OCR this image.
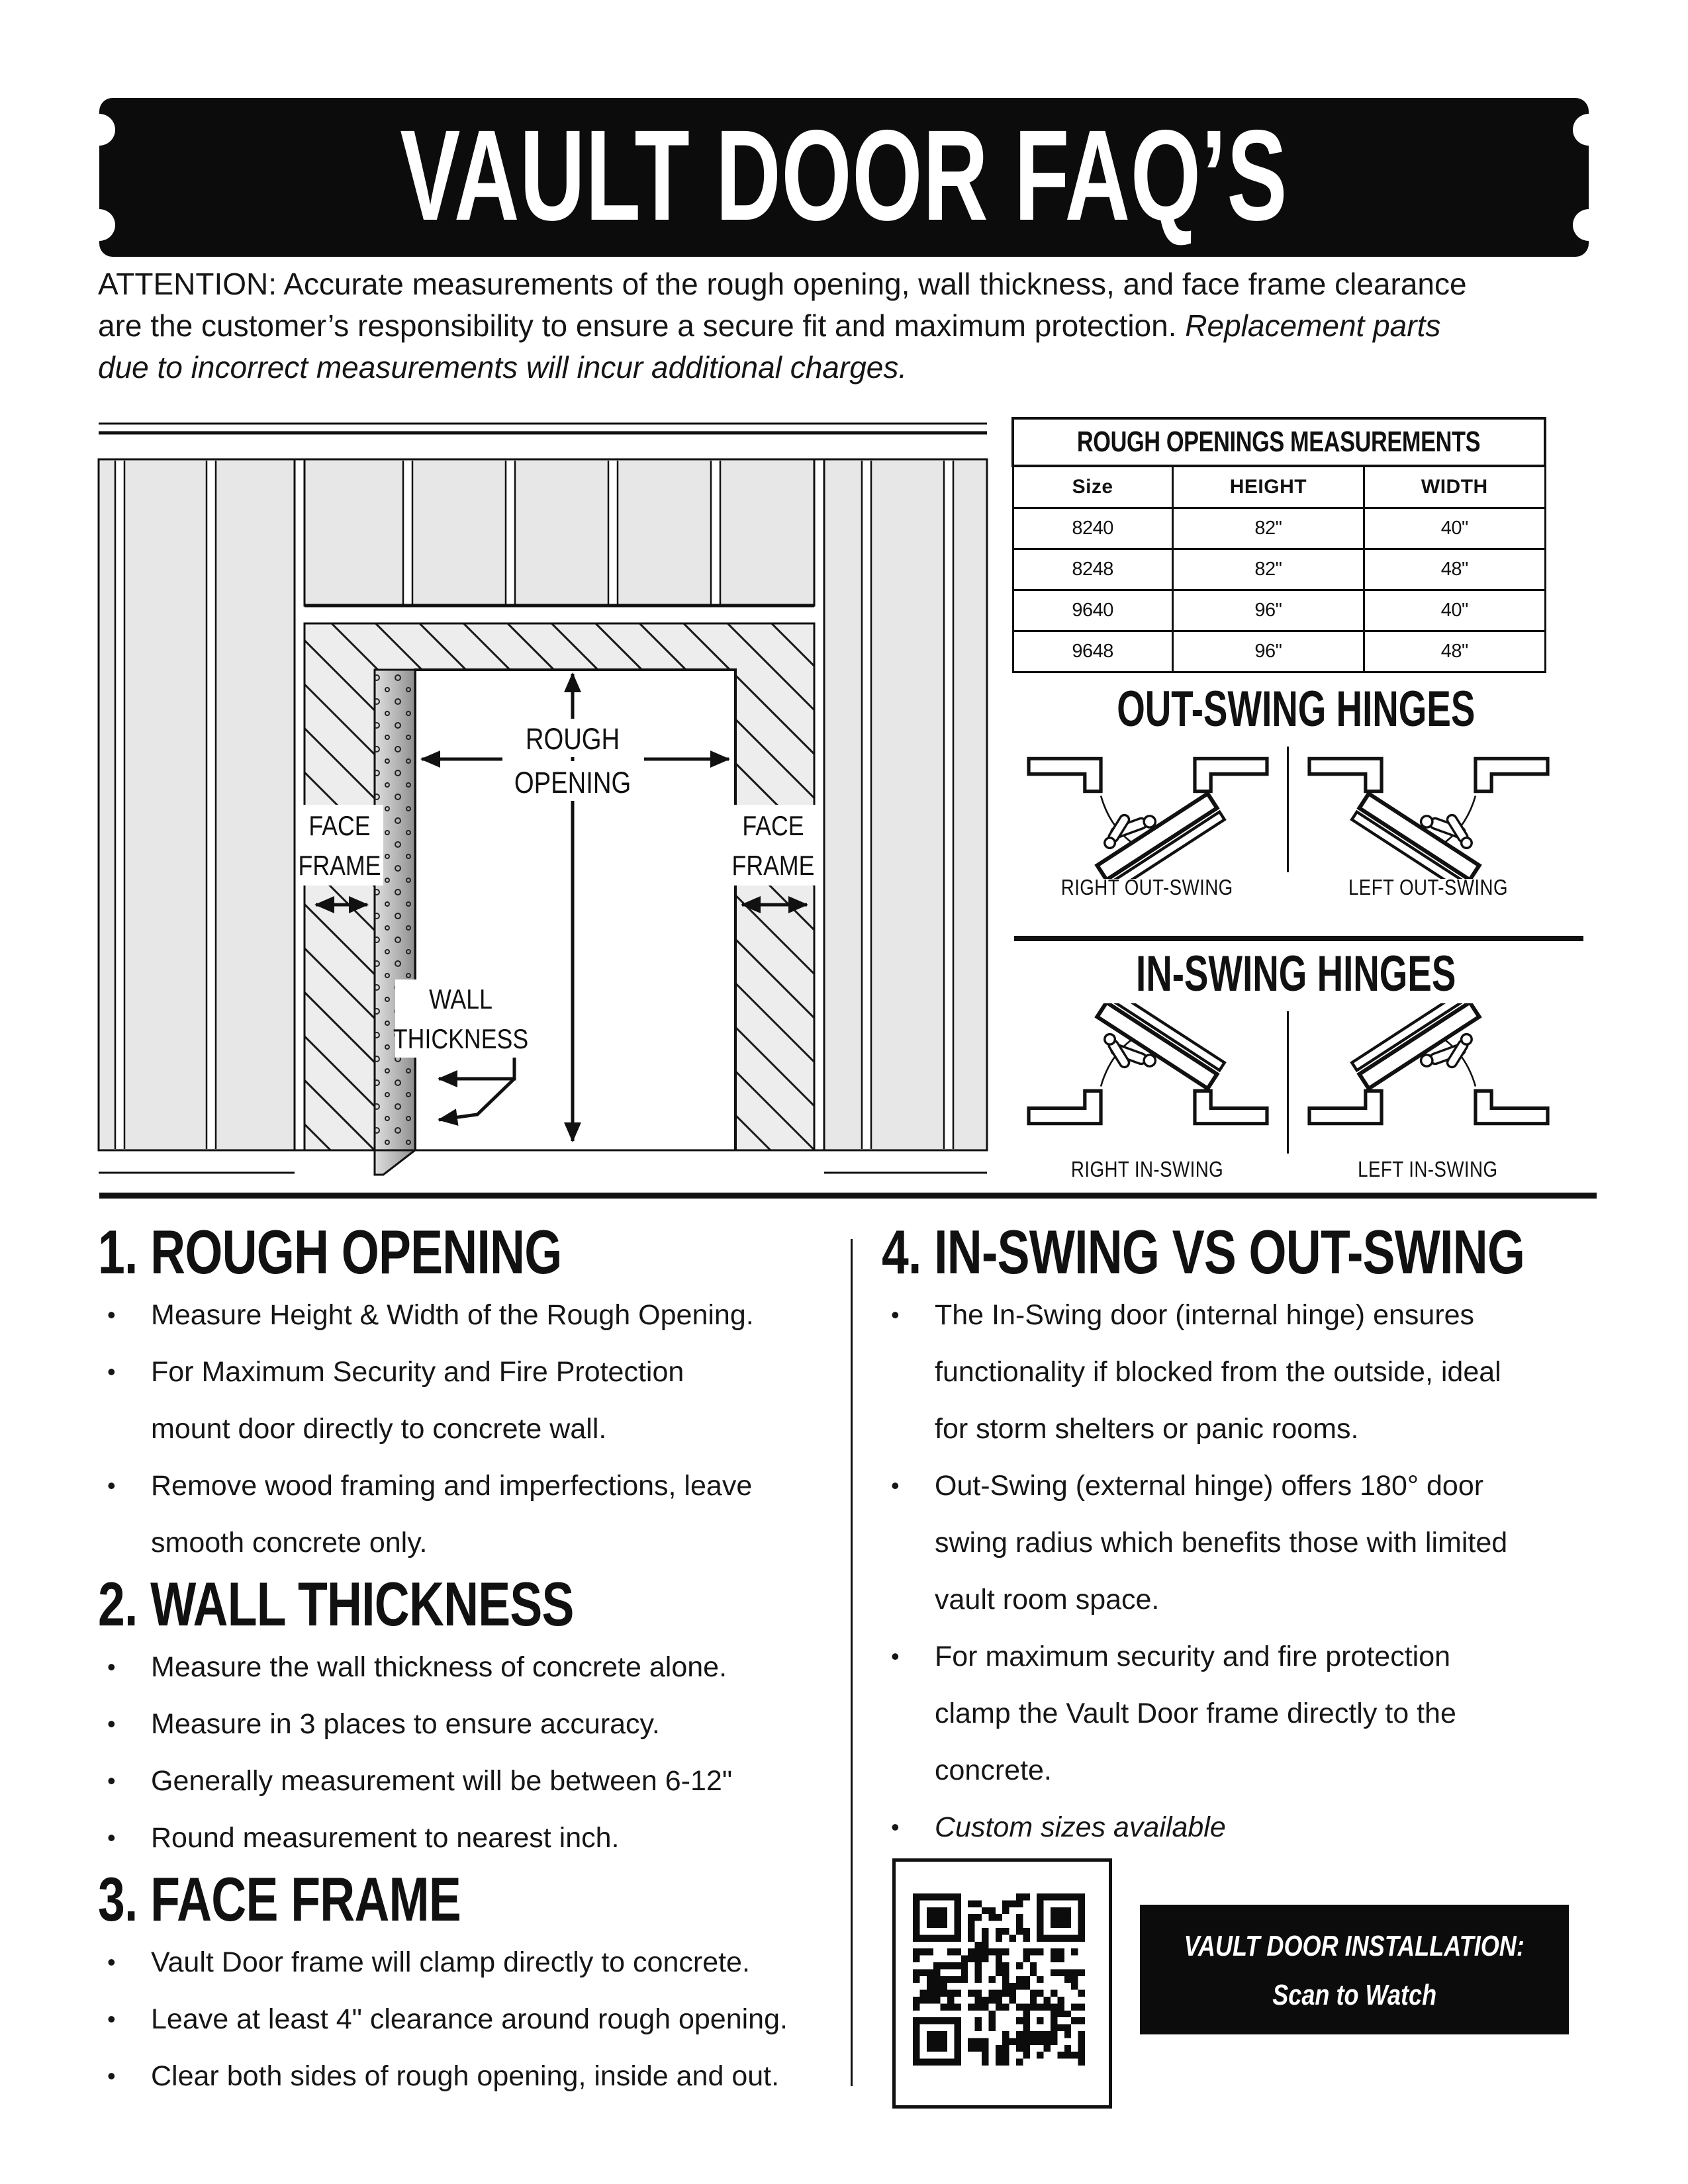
VAULT DOOR FAQ’S
ATTENTION: Accurate measurements of the rough opening, wall thickness, and face frame clearance
are the customer’s responsibility to ensure a secure fit and maximum protection. Replacement parts
due to incorrect measurements will incur additional charges.
ROUGH
OPENING
FACE
FRAME
FACE
FRAME
WALL
THICKNESS
ROUGH OPENINGS MEASUREMENTS		
Size	HEIGHT	WIDTH
8240	82"	40"
8248	82"	48"
9640	96"	40"
9648	96"	48"
OUT-SWING HINGES
RIGHT OUT-SWING	LEFT OUT-SWING
IN-SWING HINGES
RIGHT IN-SWING	LEFT IN-SWING
1. ROUGH OPENING
• Measure Height & Width of the Rough Opening.
• For Maximum Security and Fire Protection
mount door directly to concrete wall.
• Remove wood framing and imperfections, leave
smooth concrete only.
2. WALL THICKNESS
• Measure the wall thickness of concrete alone.
• Measure in 3 places to ensure accuracy.
• Generally measurement will be between 6-12"
• Round measurement to nearest inch.
3. FACE FRAME
• Vault Door frame will clamp directly to concrete.
• Leave at least 4" clearance around rough opening.
• Clear both sides of rough opening, inside and out.
4. IN-SWING VS OUT-SWING
• The In-Swing door (internal hinge) ensures
functionality if blocked from the outside, ideal
for storm shelters or panic rooms.
• Out-Swing (external hinge) offers 180° door
swing radius which benefits those with limited
vault room space.
• For maximum security and fire protection
clamp the Vault Door frame directly to the
concrete.
• Custom sizes available
VAULT DOOR INSTALLATION:
Scan to Watch
